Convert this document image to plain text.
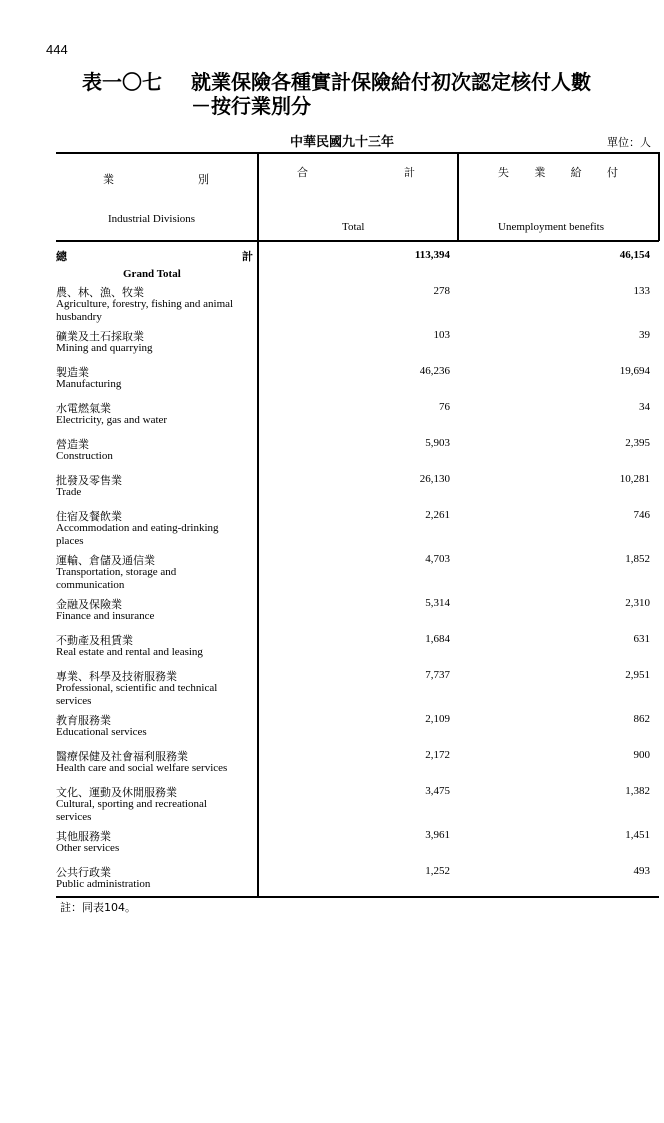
444
表一〇七 就業保險各種實計保險給付初次認定核付人數
－按行業別分
中華民國九十三年	單位：人
業	別
Industrial Divisions
合	計
Total
失 業 給 付
Unemployment benefits
總	計
Grand Total
113,394	46,154
農、林、漁、牧業
Agriculture, forestry, fishing and animal husbandry
278	133
礦業及土石採取業
Mining and quarrying
103	39
製造業
Manufacturing
46,236	19,694
水電燃氣業
Electricity, gas and water
76	34
營造業
Construction
5,903	2,395
批發及零售業
Trade
26,130	10,281
住宿及餐飲業
Accommodation and eating-drinking places
2,261	746
運輸、倉儲及通信業
Transportation, storage and communication
4,703	1,852
金融及保險業
Finance and insurance
5,314	2,310
不動產及租賃業
Real estate and rental and leasing
1,684	631
專業、科學及技術服務業
Professional, scientific and technical services
7,737	2,951
教育服務業
Educational services
2,109	862
醫療保健及社會福利服務業
Health care and social welfare services
2,172	900
文化、運動及休閒服務業
Cultural, sporting and recreational services
3,475	1,382
其他服務業
Other services
3,961	1,451
公共行政業
Public administration
1,252	493
註：同表104。
